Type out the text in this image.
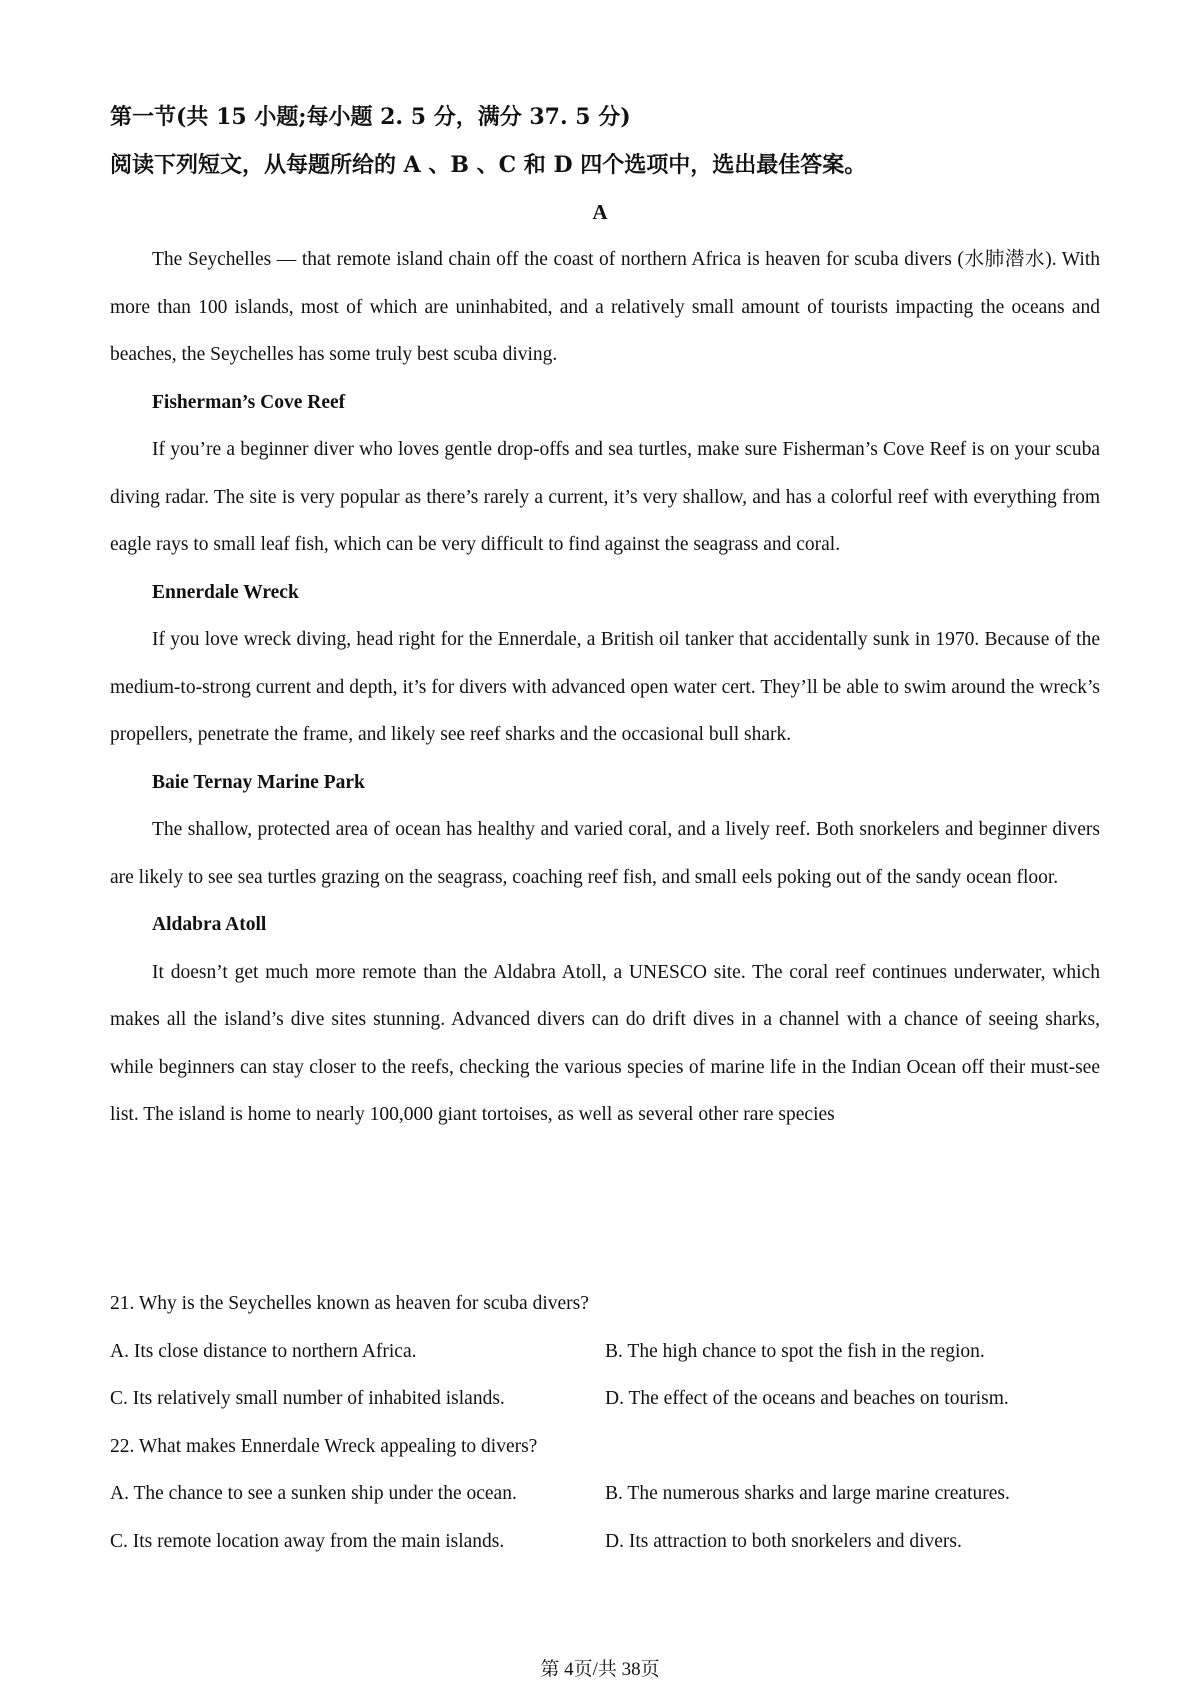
第一节(共 15 小题;每小题 2. 5 分，满分 37. 5 分)
阅读下列短文，从每题所给的 A 、B 、C 和 D 四个选项中，选出最佳答案。
A

The Seychelles — that remote island chain off the coast of northern Africa is heaven for scuba divers (水肺潜水). With more than 100 islands, most of which are uninhabited, and a relatively small amount of tourists impacting the oceans and beaches, the Seychelles has some truly best scuba diving.

Fisherman’s Cove Reef

If you’re a beginner diver who loves gentle drop-offs and sea turtles, make sure Fisherman’s Cove Reef is on your scuba diving radar. The site is very popular as there’s rarely a current, it’s very shallow, and has a colorful reef with everything from eagle rays to small leaf fish, which can be very difficult to find against the seagrass and coral.

Ennerdale Wreck

If you love wreck diving, head right for the Ennerdale, a British oil tanker that accidentally sunk in 1970. Because of the medium-to-strong current and depth, it’s for divers with advanced open water cert. They’ll be able to swim around the wreck’s propellers, penetrate the frame, and likely see reef sharks and the occasional bull shark.

Baie Ternay Marine Park

The shallow, protected area of ocean has healthy and varied coral, and a lively reef. Both snorkelers and beginner divers are likely to see sea turtles grazing on the seagrass, coaching reef fish, and small eels poking out of the sandy ocean floor.

Aldabra Atoll

It doesn’t get much more remote than the Aldabra Atoll, a UNESCO site. The coral reef continues underwater, which makes all the island’s dive sites stunning. Advanced divers can do drift dives in a channel with a chance of seeing sharks, while beginners can stay closer to the reefs, checking the various species of marine life in the Indian Ocean off their must-see list. The island is home to nearly 100,000 giant tortoises, as well as several other rare species

21. Why is the Seychelles known as heaven for scuba divers?

A. Its close distance to northern Africa.	B. The high chance to spot the fish in the region.
C. Its relatively small number of inhabited islands.	D. The effect of the oceans and beaches on tourism.

22. What makes Ennerdale Wreck appealing to divers?

A. The chance to see a sunken ship under the ocean.	B. The numerous sharks and large marine creatures.
C. Its remote location away from the main islands.	D. Its attraction to both snorkelers and divers.
第 4页/共 38页
